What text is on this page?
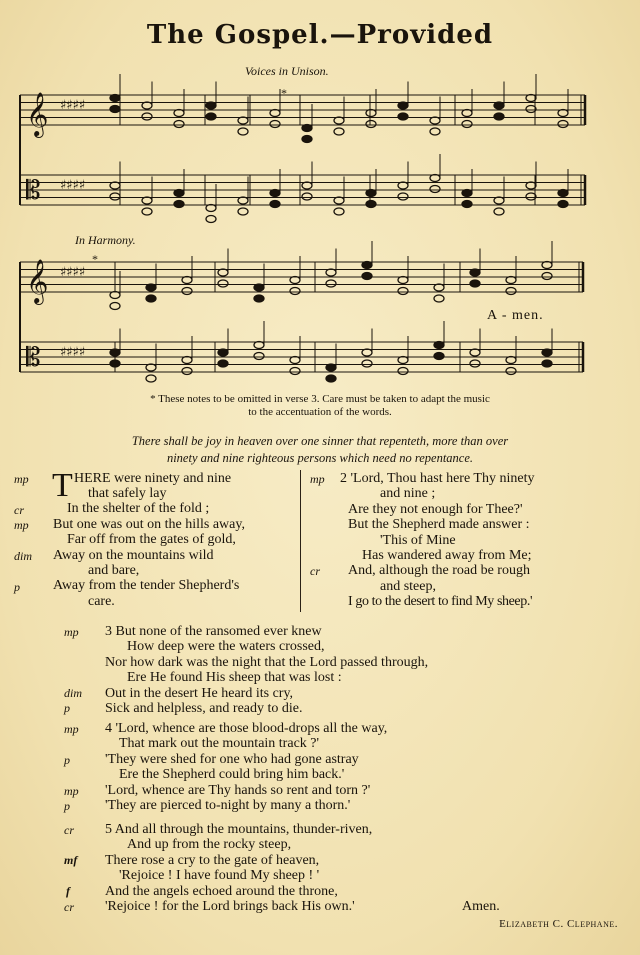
The Gospel.—Provided
Voices in Unison.
𝄞 ♯♯♯♯
𝄡 ♯♯♯♯
𝄞 ♯♯♯♯
𝄡 ♯♯♯♯
In Harmony.
*
*
A - men.
* These notes to be omitted in verse 3. Care must be taken to adapt the music
to the accentuation of the words.
There shall be joy in heaven over one sinner that repenteth, more than over
ninety and nine righteous persons which need no repentance.
T HERE were ninety and nine
that safely lay
In the shelter of the fold ;
But one was out on the hills away,
Far off from the gates of gold,
Away on the mountains wild
and bare,
Away from the tender Shepherd's
care.
mp
cr
mp
dim
p
2 'Lord, Thou hast here Thy ninety
and nine ;
Are they not enough for Thee?'
But the Shepherd made answer :
'This of Mine
Has wandered away from Me;
And, although the road be rough
and steep,
I go to the desert to find My sheep.'
mp
cr
3 But none of the ransomed ever knew
How deep were the waters crossed,
Nor how dark was the night that the Lord passed through,
Ere He found His sheep that was lost :
Out in the desert He heard its cry,
Sick and helpless, and ready to die.
mp
dim
p
4 'Lord, whence are those blood-drops all the way,
That mark out the mountain track ?'
'They were shed for one who had gone astray
Ere the Shepherd could bring him back.'
'Lord, whence are Thy hands so rent and torn ?'
'They are pierced to-night by many a thorn.'
mp
p
mp
p
5 And all through the mountains, thunder-riven,
And up from the rocky steep,
There rose a cry to the gate of heaven,
'Rejoice ! I have found My sheep ! '
And the angels echoed around the throne,
'Rejoice ! for the Lord brings back His own.'	Amen.
cr
mf
f
cr
Elizabeth C. Clephane.
